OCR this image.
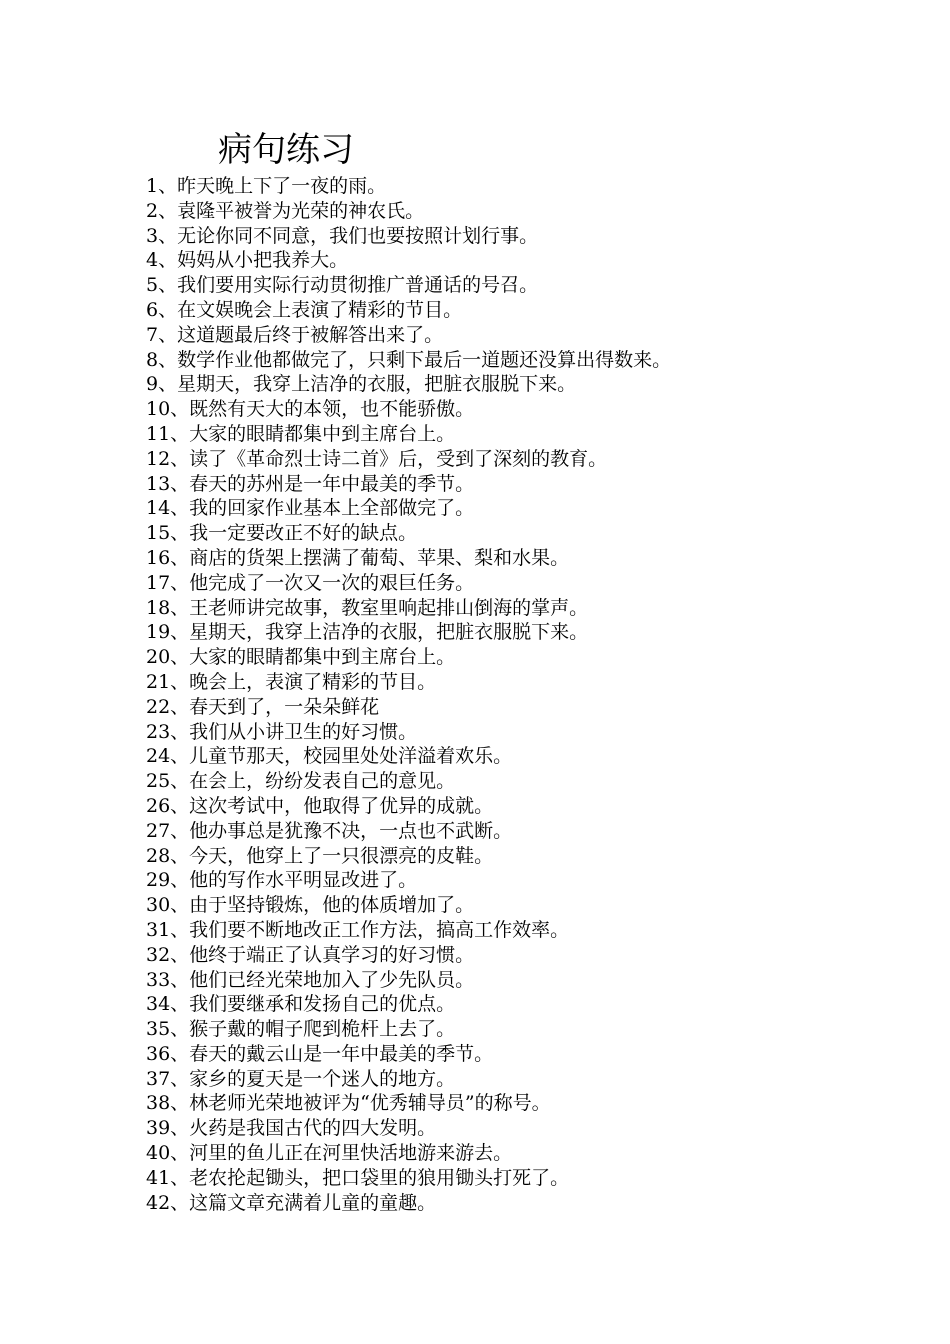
病句练习
1、昨天晚上下了一夜的雨。
2、袁隆平被誉为光荣的神农氏。
3、无论你同不同意，我们也要按照计划行事。
4、妈妈从小把我养大。
5、我们要用实际行动贯彻推广普通话的号召。
6、在文娱晚会上表演了精彩的节目。
7、这道题最后终于被解答出来了。
8、数学作业他都做完了，只剩下最后一道题还没算出得数来。
9、星期天，我穿上洁净的衣服，把脏衣服脱下来。
10、既然有天大的本领，也不能骄傲。
11、大家的眼睛都集中到主席台上。
12、读了《革命烈士诗二首》后，受到了深刻的教育。
13、春天的苏州是一年中最美的季节。
14、我的回家作业基本上全部做完了。
15、我一定要改正不好的缺点。
16、商店的货架上摆满了葡萄、苹果、梨和水果。
17、他完成了一次又一次的艰巨任务。
18、王老师讲完故事，教室里响起排山倒海的掌声。
19、星期天，我穿上洁净的衣服，把脏衣服脱下来。
20、大家的眼睛都集中到主席台上。
21、晚会上，表演了精彩的节目。
22、春天到了，一朵朵鲜花
23、我们从小讲卫生的好习惯。
24、儿童节那天，校园里处处洋溢着欢乐。
25、在会上，纷纷发表自己的意见。
26、这次考试中，他取得了优异的成就。
27、他办事总是犹豫不决，一点也不武断。
28、今天，他穿上了一只很漂亮的皮鞋。
29、他的写作水平明显改进了。
30、由于坚持锻炼，他的体质增加了。
31、我们要不断地改正工作方法，搞高工作效率。
32、他终于端正了认真学习的好习惯。
33、他们已经光荣地加入了少先队员。
34、我们要继承和发扬自己的优点。
35、猴子戴的帽子爬到桅杆上去了。
36、春天的戴云山是一年中最美的季节。
37、家乡的夏天是一个迷人的地方。
38、林老师光荣地被评为“优秀辅导员”的称号。
39、火药是我国古代的四大发明。
40、河里的鱼儿正在河里快活地游来游去。
41、老农抡起锄头，把口袋里的狼用锄头打死了。
42、这篇文章充满着儿童的童趣。
